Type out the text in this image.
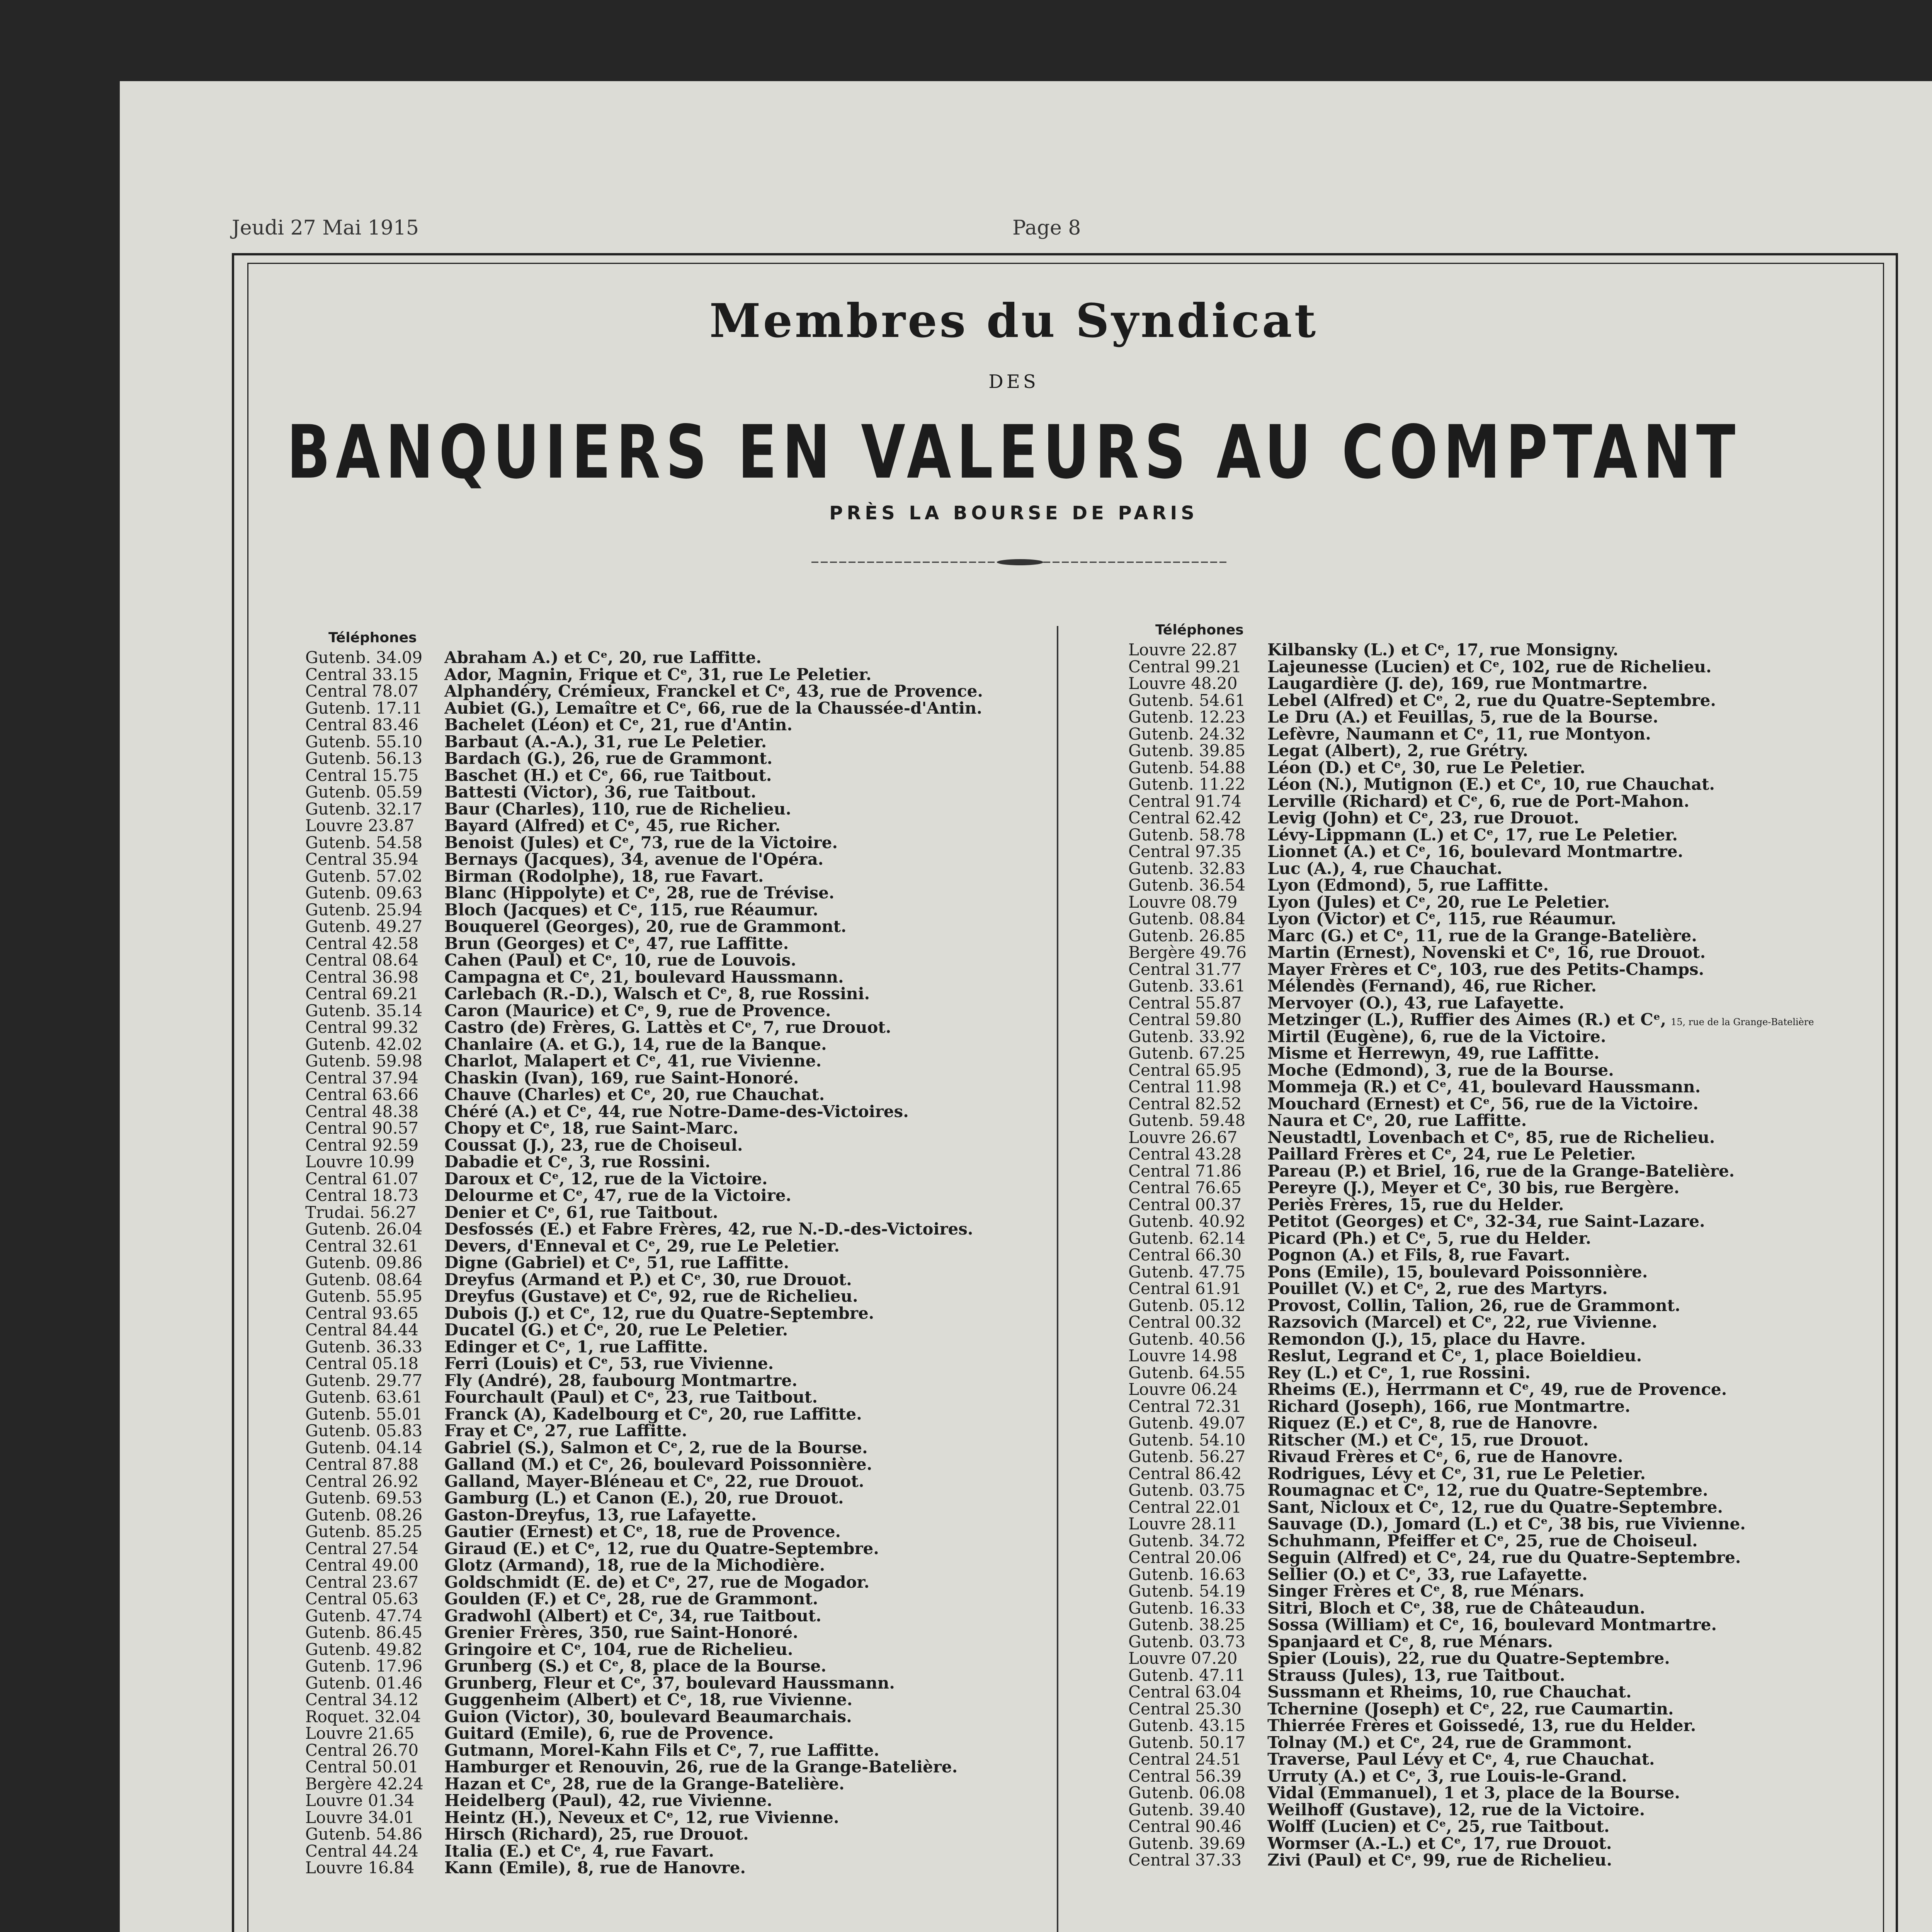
Jeudi 27 Mai 1915	Page 8
Membres du Syndicat
DES
BANQUIERS EN VALEURS AU COMPTANT
PRÈS LA BOURSE DE PARIS
Téléphones	Téléphones
Gutenb. 34.09 Abraham A.) et Cᵉ, 20, rue Laffitte.
Central 33.15 Ador, Magnin, Frique et Cᵉ, 31, rue Le Peletier.
Central 78.07 Alphandéry, Crémieux, Franckel et Cᵉ, 43, rue de Provence.
Gutenb. 17.11 Aubiet (G.), Lemaître et Cᵉ, 66, rue de la Chaussée-d'Antin.
Central 83.46 Bachelet (Léon) et Cᵉ, 21, rue d'Antin.
Gutenb. 55.10 Barbaut (A.-A.), 31, rue Le Peletier.
Gutenb. 56.13 Bardach (G.), 26, rue de Grammont.
Central 15.75 Baschet (H.) et Cᵉ, 66, rue Taitbout.
Gutenb. 05.59 Battesti (Victor), 36, rue Taitbout.
Gutenb. 32.17 Baur (Charles), 110, rue de Richelieu.
Louvre 23.87 Bayard (Alfred) et Cᵉ, 45, rue Richer.
Gutenb. 54.58 Benoist (Jules) et Cᵉ, 73, rue de la Victoire.
Central 35.94 Bernays (Jacques), 34, avenue de l'Opéra.
Gutenb. 57.02 Birman (Rodolphe), 18, rue Favart.
Gutenb. 09.63 Blanc (Hippolyte) et Cᵉ, 28, rue de Trévise.
Gutenb. 25.94 Bloch (Jacques) et Cᵉ, 115, rue Réaumur.
Gutenb. 49.27 Bouquerel (Georges), 20, rue de Grammont.
Central 42.58 Brun (Georges) et Cᵉ, 47, rue Laffitte.
Central 08.64 Cahen (Paul) et Cᵉ, 10, rue de Louvois.
Central 36.98 Campagna et Cᵉ, 21, boulevard Haussmann.
Central 69.21 Carlebach (R.-D.), Walsch et Cᵉ, 8, rue Rossini.
Gutenb. 35.14 Caron (Maurice) et Cᵉ, 9, rue de Provence.
Central 99.32 Castro (de) Frères, G. Lattès et Cᵉ, 7, rue Drouot.
Gutenb. 42.02 Chanlaire (A. et G.), 14, rue de la Banque.
Gutenb. 59.98 Charlot, Malapert et Cᵉ, 41, rue Vivienne.
Central 37.94 Chaskin (Ivan), 169, rue Saint-Honoré.
Central 63.66 Chauve (Charles) et Cᵉ, 20, rue Chauchat.
Central 48.38 Chéré (A.) et Cᵉ, 44, rue Notre-Dame-des-Victoires.
Central 90.57 Chopy et Cᵉ, 18, rue Saint-Marc.
Central 92.59 Coussat (J.), 23, rue de Choiseul.
Louvre 10.99 Dabadie et Cᵉ, 3, rue Rossini.
Central 61.07 Daroux et Cᵉ, 12, rue de la Victoire.
Central 18.73 Delourme et Cᵉ, 47, rue de la Victoire.
Trudai. 56.27 Denier et Cᵉ, 61, rue Taitbout.
Gutenb. 26.04 Desfossés (E.) et Fabre Frères, 42, rue N.-D.-des-Victoires.
Central 32.61 Devers, d'Enneval et Cᵉ, 29, rue Le Peletier.
Gutenb. 09.86 Digne (Gabriel) et Cᵉ, 51, rue Laffitte.
Gutenb. 08.64 Dreyfus (Armand et P.) et Cᵉ, 30, rue Drouot.
Gutenb. 55.95 Dreyfus (Gustave) et Cᵉ, 92, rue de Richelieu.
Central 93.65 Dubois (J.) et Cᵉ, 12, rue du Quatre-Septembre.
Central 84.44 Ducatel (G.) et Cᵉ, 20, rue Le Peletier.
Gutenb. 36.33 Edinger et Cᵉ, 1, rue Laffitte.
Central 05.18 Ferri (Louis) et Cᵉ, 53, rue Vivienne.
Gutenb. 29.77 Fly (André), 28, faubourg Montmartre.
Gutenb. 63.61 Fourchault (Paul) et Cᵉ, 23, rue Taitbout.
Gutenb. 55.01 Franck (A), Kadelbourg et Cᵉ, 20, rue Laffitte.
Gutenb. 05.83 Fray et Cᵉ, 27, rue Laffitte.
Gutenb. 04.14 Gabriel (S.), Salmon et Cᵉ, 2, rue de la Bourse.
Central 87.88 Galland (M.) et Cᵉ, 26, boulevard Poissonnière.
Central 26.92 Galland, Mayer-Bléneau et Cᵉ, 22, rue Drouot.
Gutenb. 69.53 Gamburg (L.) et Canon (E.), 20, rue Drouot.
Gutenb. 08.26 Gaston-Dreyfus, 13, rue Lafayette.
Gutenb. 85.25 Gautier (Ernest) et Cᵉ, 18, rue de Provence.
Central 27.54 Giraud (E.) et Cᵉ, 12, rue du Quatre-Septembre.
Central 49.00 Glotz (Armand), 18, rue de la Michodière.
Central 23.67 Goldschmidt (E. de) et Cᵉ, 27, rue de Mogador.
Central 05.63 Goulden (F.) et Cᵉ, 28, rue de Grammont.
Gutenb. 47.74 Gradwohl (Albert) et Cᵉ, 34, rue Taitbout.
Gutenb. 86.45 Grenier Frères, 350, rue Saint-Honoré.
Gutenb. 49.82 Gringoire et Cᵉ, 104, rue de Richelieu.
Gutenb. 17.96 Grunberg (S.) et Cᵉ, 8, place de la Bourse.
Gutenb. 01.46 Grunberg, Fleur et Cᵉ, 37, boulevard Haussmann.
Central 34.12 Guggenheim (Albert) et Cᵉ, 18, rue Vivienne.
Roquet. 32.04 Guion (Victor), 30, boulevard Beaumarchais.
Louvre 21.65 Guitard (Emile), 6, rue de Provence.
Central 26.70 Gutmann, Morel-Kahn Fils et Cᵉ, 7, rue Laffitte.
Central 50.01 Hamburger et Renouvin, 26, rue de la Grange-Batelière.
Bergère 42.24 Hazan et Cᵉ, 28, rue de la Grange-Batelière.
Louvre 01.34 Heidelberg (Paul), 42, rue Vivienne.
Louvre 34.01 Heintz (H.), Neveux et Cᵉ, 12, rue Vivienne.
Gutenb. 54.86 Hirsch (Richard), 25, rue Drouot.
Central 44.24 Italia (E.) et Cᵉ, 4, rue Favart.
Louvre 16.84 Kann (Emile), 8, rue de Hanovre.
Louvre 22.87 Kilbansky (L.) et Cᵉ, 17, rue Monsigny.
Central 99.21 Lajeunesse (Lucien) et Cᵉ, 102, rue de Richelieu.
Louvre 48.20 Laugardière (J. de), 169, rue Montmartre.
Gutenb. 54.61 Lebel (Alfred) et Cᵉ, 2, rue du Quatre-Septembre.
Gutenb. 12.23 Le Dru (A.) et Feuillas, 5, rue de la Bourse.
Gutenb. 24.32 Lefèvre, Naumann et Cᵉ, 11, rue Montyon.
Gutenb. 39.85 Legat (Albert), 2, rue Grétry.
Gutenb. 54.88 Léon (D.) et Cᵉ, 30, rue Le Peletier.
Gutenb. 11.22 Léon (N.), Mutignon (E.) et Cᵉ, 10, rue Chauchat.
Central 91.74 Lerville (Richard) et Cᵉ, 6, rue de Port-Mahon.
Central 62.42 Levig (John) et Cᵉ, 23, rue Drouot.
Gutenb. 58.78 Lévy-Lippmann (L.) et Cᵉ, 17, rue Le Peletier.
Central 97.35 Lionnet (A.) et Cᵉ, 16, boulevard Montmartre.
Gutenb. 32.83 Luc (A.), 4, rue Chauchat.
Gutenb. 36.54 Lyon (Edmond), 5, rue Laffitte.
Louvre 08.79 Lyon (Jules) et Cᵉ, 20, rue Le Peletier.
Gutenb. 08.84 Lyon (Victor) et Cᵉ, 115, rue Réaumur.
Gutenb. 26.85 Marc (G.) et Cᵉ, 11, rue de la Grange-Batelière.
Bergère 49.76 Martin (Ernest), Novenski et Cᵉ, 16, rue Drouot.
Central 31.77 Mayer Frères et Cᵉ, 103, rue des Petits-Champs.
Gutenb. 33.61 Mélendès (Fernand), 46, rue Richer.
Central 55.87 Mervoyer (O.), 43, rue Lafayette.
Central 59.80 Metzinger (L.), Ruffier des Aimes (R.) et Cᵉ, 15, rue de la Grange-Batelière
Gutenb. 33.92 Mirtil (Eugène), 6, rue de la Victoire.
Gutenb. 67.25 Misme et Herrewyn, 49, rue Laffitte.
Central 65.95 Moche (Edmond), 3, rue de la Bourse.
Central 11.98 Mommeja (R.) et Cᵉ, 41, boulevard Haussmann.
Central 82.52 Mouchard (Ernest) et Cᵉ, 56, rue de la Victoire.
Gutenb. 59.48 Naura et Cᵉ, 20, rue Laffitte.
Louvre 26.67 Neustadtl, Lovenbach et Cᵉ, 85, rue de Richelieu.
Central 43.28 Paillard Frères et Cᵉ, 24, rue Le Peletier.
Central 71.86 Pareau (P.) et Briel, 16, rue de la Grange-Batelière.
Central 76.65 Pereyre (J.), Meyer et Cᵉ, 30 bis, rue Bergère.
Central 00.37 Periès Frères, 15, rue du Helder.
Gutenb. 40.92 Petitot (Georges) et Cᵉ, 32-34, rue Saint-Lazare.
Gutenb. 62.14 Picard (Ph.) et Cᵉ, 5, rue du Helder.
Central 66.30 Pognon (A.) et Fils, 8, rue Favart.
Gutenb. 47.75 Pons (Emile), 15, boulevard Poissonnière.
Central 61.91 Pouillet (V.) et Cᵉ, 2, rue des Martyrs.
Gutenb. 05.12 Provost, Collin, Talion, 26, rue de Grammont.
Central 00.32 Razsovich (Marcel) et Cᵉ, 22, rue Vivienne.
Gutenb. 40.56 Remondon (J.), 15, place du Havre.
Louvre 14.98 Reslut, Legrand et Cᵉ, 1, place Boieldieu.
Gutenb. 64.55 Rey (L.) et Cᵉ, 1, rue Rossini.
Louvre 06.24 Rheims (E.), Herrmann et Cᵉ, 49, rue de Provence.
Central 72.31 Richard (Joseph), 166, rue Montmartre.
Gutenb. 49.07 Riquez (E.) et Cᵉ, 8, rue de Hanovre.
Gutenb. 54.10 Ritscher (M.) et Cᵉ, 15, rue Drouot.
Gutenb. 56.27 Rivaud Frères et Cᵉ, 6, rue de Hanovre.
Central 86.42 Rodrigues, Lévy et Cᵉ, 31, rue Le Peletier.
Gutenb. 03.75 Roumagnac et Cᵉ, 12, rue du Quatre-Septembre.
Central 22.01 Sant, Nicloux et Cᵉ, 12, rue du Quatre-Septembre.
Louvre 28.11 Sauvage (D.), Jomard (L.) et Cᵉ, 38 bis, rue Vivienne.
Gutenb. 34.72 Schuhmann, Pfeiffer et Cᵉ, 25, rue de Choiseul.
Central 20.06 Seguin (Alfred) et Cᵉ, 24, rue du Quatre-Septembre.
Gutenb. 16.63 Sellier (O.) et Cᵉ, 33, rue Lafayette.
Gutenb. 54.19 Singer Frères et Cᵉ, 8, rue Ménars.
Gutenb. 16.33 Sitri, Bloch et Cᵉ, 38, rue de Châteaudun.
Gutenb. 38.25 Sossa (William) et Cᵉ, 16, boulevard Montmartre.
Gutenb. 03.73 Spanjaard et Cᵉ, 8, rue Ménars.
Louvre 07.20 Spier (Louis), 22, rue du Quatre-Septembre.
Gutenb. 47.11 Strauss (Jules), 13, rue Taitbout.
Central 63.04 Sussmann et Rheims, 10, rue Chauchat.
Central 25.30 Tchernine (Joseph) et Cᵉ, 22, rue Caumartin.
Gutenb. 43.15 Thierrée Frères et Goissedé, 13, rue du Helder.
Gutenb. 50.17 Tolnay (M.) et Cᵉ, 24, rue de Grammont.
Central 24.51 Traverse, Paul Lévy et Cᵉ, 4, rue Chauchat.
Central 56.39 Urruty (A.) et Cᵉ, 3, rue Louis-le-Grand.
Gutenb. 06.08 Vidal (Emmanuel), 1 et 3, place de la Bourse.
Gutenb. 39.40 Weilhoff (Gustave), 12, rue de la Victoire.
Central 90.46 Wolff (Lucien) et Cᵉ, 25, rue Taitbout.
Gutenb. 39.69 Wormser (A.-L.) et Cᵉ, 17, rue Drouot.
Central 37.33 Zivi (Paul) et Cᵉ, 99, rue de Richelieu.
